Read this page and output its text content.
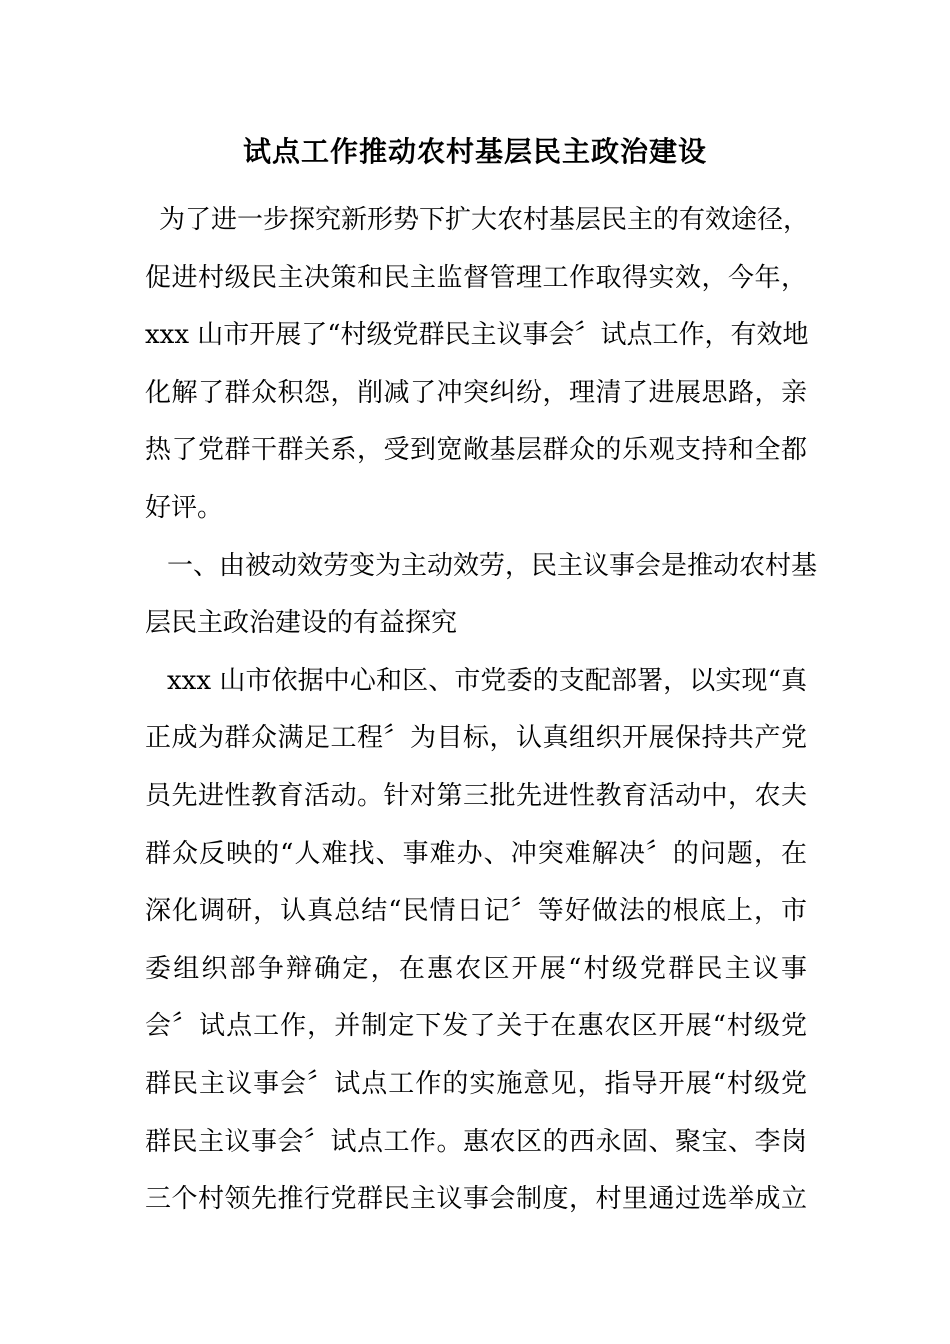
试点工作推动农村基层民主政治建设
为了进一步探究新形势下扩大农村基层民主的有效途径，
促进村级民主决策和民主监督管理工作取得实效，今年，
xxx 山市开展了“村级党群民主议事会〞试点工作，有效地
化解了群众积怨，削减了冲突纠纷，理清了进展思路，亲
热了党群干群关系，受到宽敞基层群众的乐观支持和全都
好评。
一、由被动效劳变为主动效劳，民主议事会是推动农村基
层民主政治建设的有益探究
xxx 山市依据中心和区、市党委的支配部署，以实现“真
正成为群众满足工程〞为目标，认真组织开展保持共产党
员先进性教育活动。针对第三批先进性教育活动中，农夫
群众反映的“人难找、事难办、冲突难解决〞的问题，在
深化调研，认真总结“民情日记〞等好做法的根底上，市
委组织部争辩确定，在惠农区开展“村级党群民主议事
会〞试点工作，并制定下发了关于在惠农区开展“村级党
群民主议事会〞试点工作的实施意见，指导开展“村级党
群民主议事会〞试点工作。惠农区的西永固、聚宝、李岗
三个村领先推行党群民主议事会制度，村里通过选举成立
